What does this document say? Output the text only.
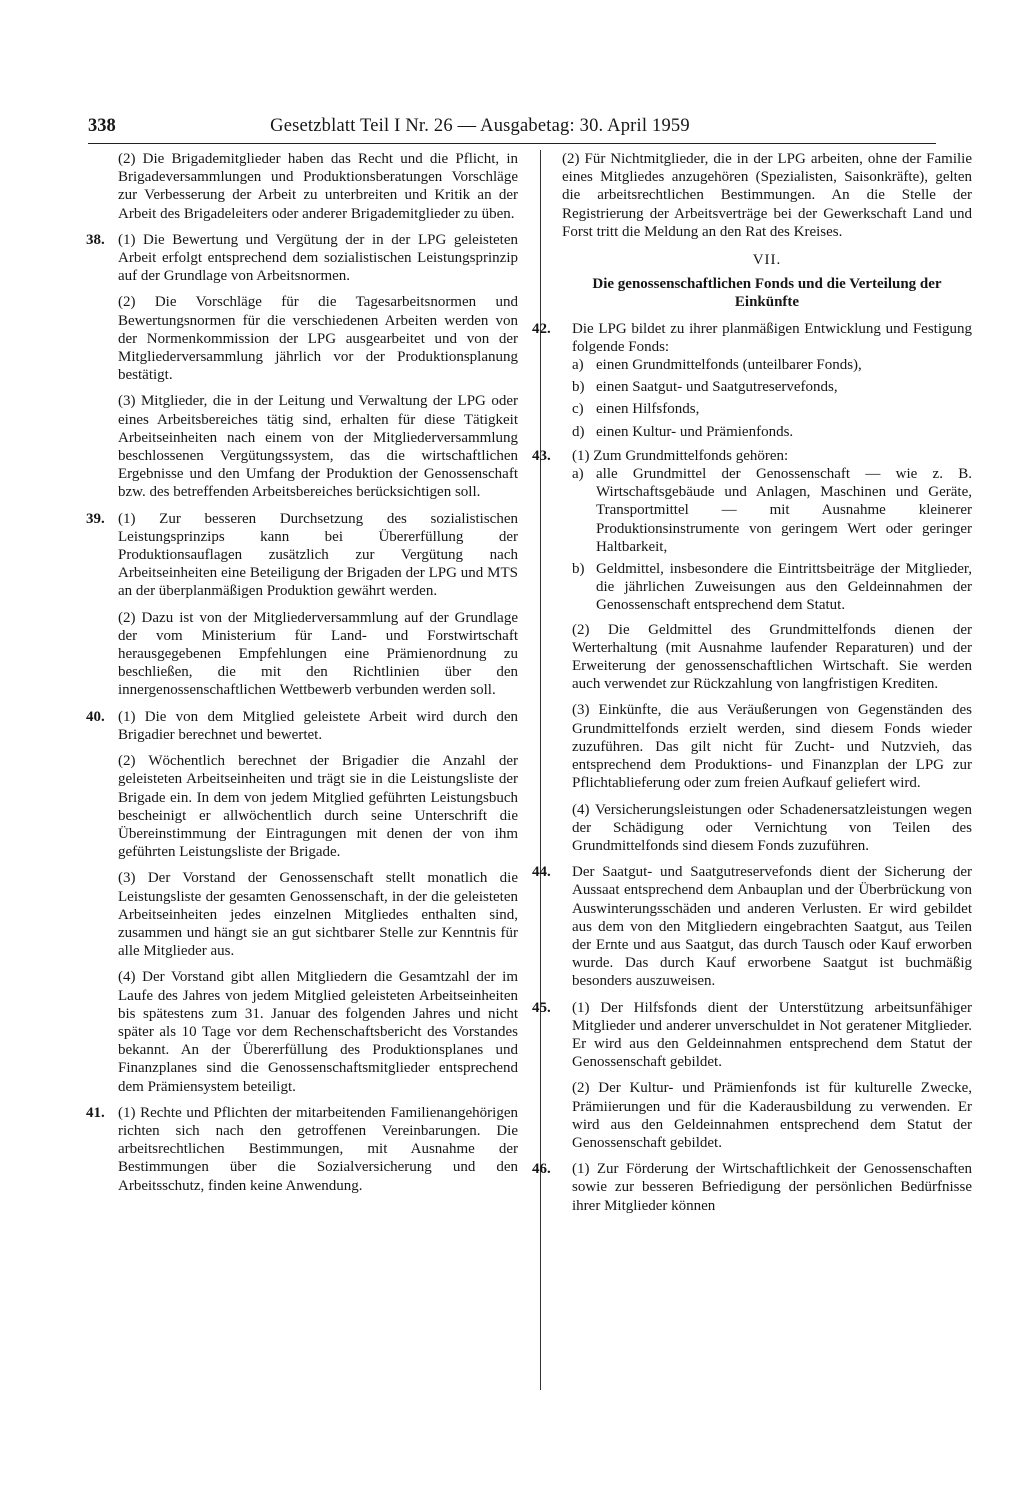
338	Gesetzblatt Teil I Nr. 26 — Ausgabetag: 30. April 1959

(2) Die Brigademitglieder haben das Recht und die Pflicht, in Brigadeversammlungen und Produktionsberatungen Vorschläge zur Verbesserung der Arbeit zu unterbreiten und Kritik an der Arbeit des Brigadeleiters oder anderer Brigademitglieder zu üben.

38. (1) Die Bewertung und Vergütung der in der LPG geleisteten Arbeit erfolgt entsprechend dem sozialistischen Leistungsprinzip auf der Grundlage von Arbeitsnormen.

(2) Die Vorschläge für die Tagesarbeitsnormen und Bewertungsnormen für die verschiedenen Arbeiten werden von der Normenkommission der LPG ausgearbeitet und von der Mitgliederversammlung jährlich vor der Produktionsplanung bestätigt.

(3) Mitglieder, die in der Leitung und Verwaltung der LPG oder eines Arbeitsbereiches tätig sind, erhalten für diese Tätigkeit Arbeitseinheiten nach einem von der Mitgliederversammlung beschlossenen Vergütungssystem, das die wirtschaftlichen Ergebnisse und den Umfang der Produktion der Genossenschaft bzw. des betreffenden Arbeitsbereiches berücksichtigen soll.

39. (1) Zur besseren Durchsetzung des sozialistischen Leistungsprinzips kann bei Übererfüllung der Produktionsauflagen zusätzlich zur Vergütung nach Arbeitseinheiten eine Beteiligung der Brigaden der LPG und MTS an der überplanmäßigen Produktion gewährt werden.

(2) Dazu ist von der Mitgliederversammlung auf der Grundlage der vom Ministerium für Land- und Forstwirtschaft herausgegebenen Empfehlungen eine Prämienordnung zu beschließen, die mit den Richtlinien über den innergenossenschaftlichen Wettbewerb verbunden werden soll.

40. (1) Die von dem Mitglied geleistete Arbeit wird durch den Brigadier berechnet und bewertet.

(2) Wöchentlich berechnet der Brigadier die Anzahl der geleisteten Arbeitseinheiten und trägt sie in die Leistungsliste der Brigade ein. In dem von jedem Mitglied geführten Leistungsbuch bescheinigt er allwöchentlich durch seine Unterschrift die Übereinstimmung der Eintragungen mit denen der von ihm geführten Leistungsliste der Brigade.

(3) Der Vorstand der Genossenschaft stellt monatlich die Leistungsliste der gesamten Genossenschaft, in der die geleisteten Arbeitseinheiten jedes einzelnen Mitgliedes enthalten sind, zusammen und hängt sie an gut sichtbarer Stelle zur Kenntnis für alle Mitglieder aus.

(4) Der Vorstand gibt allen Mitgliedern die Gesamtzahl der im Laufe des Jahres von jedem Mitglied geleisteten Arbeitseinheiten bis spätestens zum 31. Januar des folgenden Jahres und nicht später als 10 Tage vor dem Rechenschaftsbericht des Vorstandes bekannt. An der Übererfüllung des Produktionsplanes und Finanzplanes sind die Genossenschaftsmitglieder entsprechend dem Prämiensystem beteiligt.

41. (1) Rechte und Pflichten der mitarbeitenden Familienangehörigen richten sich nach den getroffenen Vereinbarungen. Die arbeitsrechtlichen Bestimmungen, mit Ausnahme der Bestimmungen über die Sozialversicherung und den Arbeitsschutz, finden keine Anwendung.

(2) Für Nichtmitglieder, die in der LPG arbeiten, ohne der Familie eines Mitgliedes anzugehören (Spezialisten, Saisonkräfte), gelten die arbeitsrechtlichen Bestimmungen. An die Stelle der Registrierung der Arbeitsverträge bei der Gewerkschaft Land und Forst tritt die Meldung an den Rat des Kreises.

VII.
Die genossenschaftlichen Fonds und die Verteilung der Einkünfte
42. Die LPG bildet zu ihrer planmäßigen Entwicklung und Festigung folgende Fonds:

a) einen Grundmittelfonds (unteilbarer Fonds),
b) einen Saatgut- und Saatgutreservefonds,
c) einen Hilfsfonds,
d) einen Kultur- und Prämienfonds.
43. (1) Zum Grundmittelfonds gehören:

a) alle Grundmittel der Genossenschaft — wie z. B. Wirtschaftsgebäude und Anlagen, Maschinen und Geräte, Transportmittel — mit Ausnahme kleinerer Produktionsinstrumente von geringem Wert oder geringer Haltbarkeit,
b) Geldmittel, insbesondere die Eintrittsbeiträge der Mitglieder, die jährlichen Zuweisungen aus den Geldeinnahmen der Genossenschaft entsprechend dem Statut.

(2) Die Geldmittel des Grundmittelfonds dienen der Werterhaltung (mit Ausnahme laufender Reparaturen) und der Erweiterung der genossenschaftlichen Wirtschaft. Sie werden auch verwendet zur Rückzahlung von langfristigen Krediten.

(3) Einkünfte, die aus Veräußerungen von Gegenständen des Grundmittelfonds erzielt werden, sind diesem Fonds wieder zuzuführen. Das gilt nicht für Zucht- und Nutzvieh, das entsprechend dem Produktions- und Finanzplan der LPG zur Pflichtablieferung oder zum freien Aufkauf geliefert wird.

(4) Versicherungsleistungen oder Schadenersatzleistungen wegen der Schädigung oder Vernichtung von Teilen des Grundmittelfonds sind diesem Fonds zuzuführen.

44. Der Saatgut- und Saatgutreservefonds dient der Sicherung der Aussaat entsprechend dem Anbauplan und der Überbrückung von Auswinterungsschäden und anderen Verlusten. Er wird gebildet aus dem von den Mitgliedern eingebrachten Saatgut, aus Teilen der Ernte und aus Saatgut, das durch Tausch oder Kauf erworben wurde. Das durch Kauf erworbene Saatgut ist buchmäßig besonders auszuweisen.

45. (1) Der Hilfsfonds dient der Unterstützung arbeitsunfähiger Mitglieder und anderer unverschuldet in Not geratener Mitglieder. Er wird aus den Geldeinnahmen entsprechend dem Statut der Genossenschaft gebildet.

(2) Der Kultur- und Prämienfonds ist für kulturelle Zwecke, Prämiierungen und für die Kaderausbildung zu verwenden. Er wird aus den Geldeinnahmen entsprechend dem Statut der Genossenschaft gebildet.

46. (1) Zur Förderung der Wirtschaftlichkeit der Genossenschaften sowie zur besseren Befriedigung der persönlichen Bedürfnisse ihrer Mitglieder können
